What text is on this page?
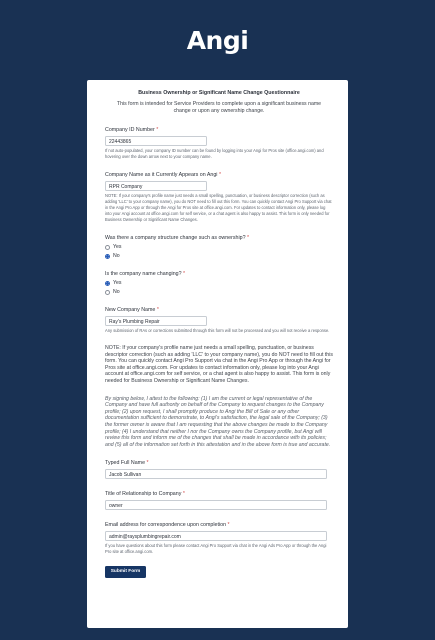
Angi
Business Ownership or Significant Name Change Questionnaire
This form is intended for Service Providers to complete upon a significant business name change or upon any ownership change.
Company ID Number *
22443865
If not auto-populated, your company ID number can be found by logging into your Angi for Pros site (office.angi.com) and hovering over the down arrow next to your company name.
Company Name as it Currently Appears on Angi *
RPR Company
NOTE: If your company's profile name just needs a small spelling, punctuation, or business descriptor correction (such as adding 'LLC' to your company name), you do NOT need to fill out this form. You can quickly contact Angi Pro Support via chat in the Angi Pro App or through the Angi for Pros site at office.angi.com. For updates to contact information only, please log into your Angi account at office.angi.com for self service, or a chat agent is also happy to assist. This form is only needed for Business Ownership or Significant Name Changes.
Was there a company structure change such as ownership? *
Yes
No
Is the company name changing? *
Yes
No
New Company Name *
Ray's Plumbing Repair
Any submission of RAs or corrections submitted through this form will not be processed and you will not receive a response.
NOTE: If your company's profile name just needs a small spelling, punctuation, or business descriptor correction (such as adding 'LLC' to your company name), you do NOT need to fill out this form. You can quickly contact Angi Pro Support via chat in the Angi Pro App or through the Angi for Pros site at office.angi.com. For updates to contact information only, please log into your Angi account at office.angi.com for self service, or a chat agent is also happy to assist. This form is only needed for Business Ownership or Significant Name Changes.
By signing below, I attest to the following: (1) I am the current or legal representative of the Company and have full authority on behalf of the Company to request changes to the Company profile; (2) upon request, I shall promptly produce to Angi the Bill of Sale or any other documentation sufficient to demonstrate, to Angi's satisfaction, the legal sale of the Company; (3) the former owner is aware that I am requesting that the above changes be made to the Company profile; (4) I understand that neither I nor the Company owns the Company profile, but Angi will review this form and inform me of the changes that shall be made in accordance with its policies; and (5) all of the information set forth in this attestation and in the above form is true and accurate.
Typed Full Name *
Jacob Sullivan
Title of Relationship to Company *
owner
Email address for correspondence upon completion *
admin@raysplumbingrepair.com
If you have questions about this form please contact Angi Pro Support via chat in the Angi Ads Pro App or through the Angi Pro site at office.angi.com.
Submit Form
